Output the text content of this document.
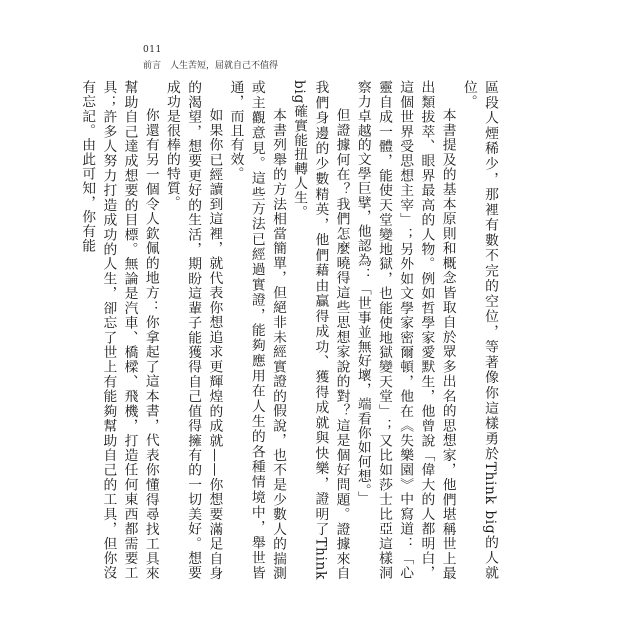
011
前言　人生苦短，屈就自己不值得

區段人煙稀少，那裡有數不完的空位，等著像你這樣勇於Think big的人就位。

本書提及的基本原則和概念皆取自於眾多出名的思想家，他們堪稱世上最出類拔萃、眼界最高的人物。例如哲學家愛默生，他曾說「偉大的人都明白，這個世界受思想主宰」；另外如文學家密爾頓，他在《失樂園》中寫道：「心靈自成一體，能使天堂變地獄，也能使地獄變天堂」；又比如莎士比亞這樣洞察力卓越的文學巨擘，他認為：「世事並無好壞，端看你如何想。」

但證據何在？我們怎麼曉得這些思想家說的對？這是個好問題。證據來自我們身邊的少數精英，他們藉由贏得成功、獲得成就與快樂，證明了Think big確實能扭轉人生。

本書列舉的方法相當簡單，但絕非未經實證的假說，也不是少數人的揣測或主觀意見。這些方法已經過實證，能夠應用在人生的各種情境中，舉世皆通，而且有效。

如果你已經讀到這裡，就代表你想追求更輝煌的成就——你想要滿足自身的渴望，想要更好的生活，期盼這輩子能獲得自己值得擁有的一切美好。想要成功是很棒的特質。

你還有另一個令人欽佩的地方：你拿起了這本書，代表你懂得尋找工具來幫助自己達成想要的目標。無論是汽車、橋樑、飛機，打造任何東西都需要工具；許多人努力打造成功的人生，卻忘了世上有能夠幫助自己的工具，但你沒有忘記。由此可知，你有能
